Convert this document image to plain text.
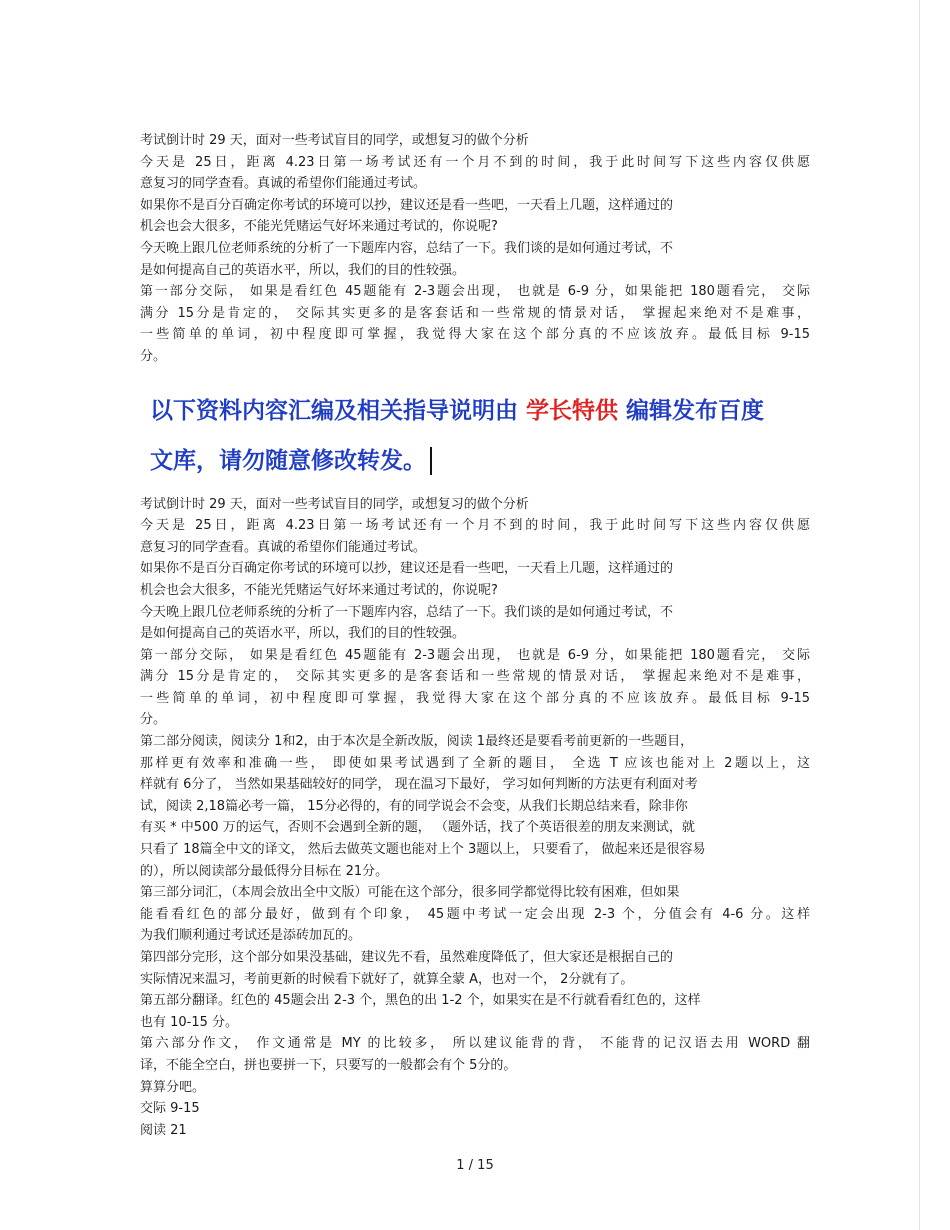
考试倒计时 29 天，面对一些考试盲目的同学，或想复习的做个分析

今天是 25日，距离 4.23日第一场考试还有一个月不到的时间，我于此时间写下这些内容仅供愿

意复习的同学查看。真诚的希望你们能通过考试。

如果你不是百分百确定你考试的环境可以抄，建议还是看一些吧，一天看上几题，这样通过的

机会也会大很多，不能光凭赌运气好坏来通过考试的，你说呢?

今天晚上跟几位老师系统的分析了一下题库内容，总结了一下。我们谈的是如何通过考试，不

是如何提高自己的英语水平，所以，我们的目的性较强。

第一部分交际， 如果是看红色 45题能有 2-3题会出现， 也就是 6-9 分，如果能把 180题看完， 交际

满分 15分是肯定的， 交际其实更多的是客套话和一些常规的情景对话， 掌握起来绝对不是难事，

一些简单的单词，初中程度即可掌握，我觉得大家在这个部分真的不应该放弃。最低目标 9-15

分。

以下资料内容汇编及相关指导说明由 学长特供 编辑发布百度
文库，请勿随意修改转发。

考试倒计时 29 天，面对一些考试盲目的同学，或想复习的做个分析

今天是 25日，距离 4.23日第一场考试还有一个月不到的时间，我于此时间写下这些内容仅供愿

意复习的同学查看。真诚的希望你们能通过考试。

如果你不是百分百确定你考试的环境可以抄，建议还是看一些吧，一天看上几题，这样通过的

机会也会大很多，不能光凭赌运气好坏来通过考试的，你说呢?

今天晚上跟几位老师系统的分析了一下题库内容，总结了一下。我们谈的是如何通过考试，不

是如何提高自己的英语水平，所以，我们的目的性较强。

第一部分交际， 如果是看红色 45题能有 2-3题会出现， 也就是 6-9 分，如果能把 180题看完， 交际

满分 15分是肯定的， 交际其实更多的是客套话和一些常规的情景对话， 掌握起来绝对不是难事，

一些简单的单词，初中程度即可掌握，我觉得大家在这个部分真的不应该放弃。最低目标 9-15

分。

第二部分阅读，阅读分 1和2，由于本次是全新改版，阅读 1最终还是要看考前更新的一些题目，

那样更有效率和准确一些， 即使如果考试遇到了全新的题目， 全选 T 应该也能对上 2题以上，这

样就有 6分了， 当然如果基础较好的同学， 现在温习下最好， 学习如何判断的方法更有利面对考

试，阅读 2,18篇必考一篇， 15分必得的，有的同学说会不会变，从我们长期总结来看，除非你

有买 * 中500 万的运气，否则不会遇到全新的题， （题外话，找了个英语很差的朋友来测试，就

只看了 18篇全中文的译文， 然后去做英文题也能对上个 3题以上， 只要看了， 做起来还是很容易

的），所以阅读部分最低得分目标在 21分。

第三部分词汇，（本周会放出全中文版）可能在这个部分，很多同学都觉得比较有困难，但如果

能看看红色的部分最好，做到有个印象， 45题中考试一定会出现 2-3 个，分值会有 4-6 分。这样

为我们顺利通过考试还是添砖加瓦的。

第四部分完形，这个部分如果没基础，建议先不看，虽然难度降低了，但大家还是根据自己的

实际情况来温习，考前更新的时候看下就好了，就算全蒙 A，也对一个， 2分就有了。

第五部分翻译。红色的 45题会出 2-3 个，黑色的出 1-2 个，如果实在是不行就看看红色的，这样

也有 10-15 分。

第六部分作文， 作文通常是 MY 的比较多， 所以建议能背的背， 不能背的记汉语去用 WORD 翻

译，不能全空白，拼也要拼一下，只要写的一般都会有个 5分的。

算算分吧。

交际 9-15

阅读 21

1 / 15
